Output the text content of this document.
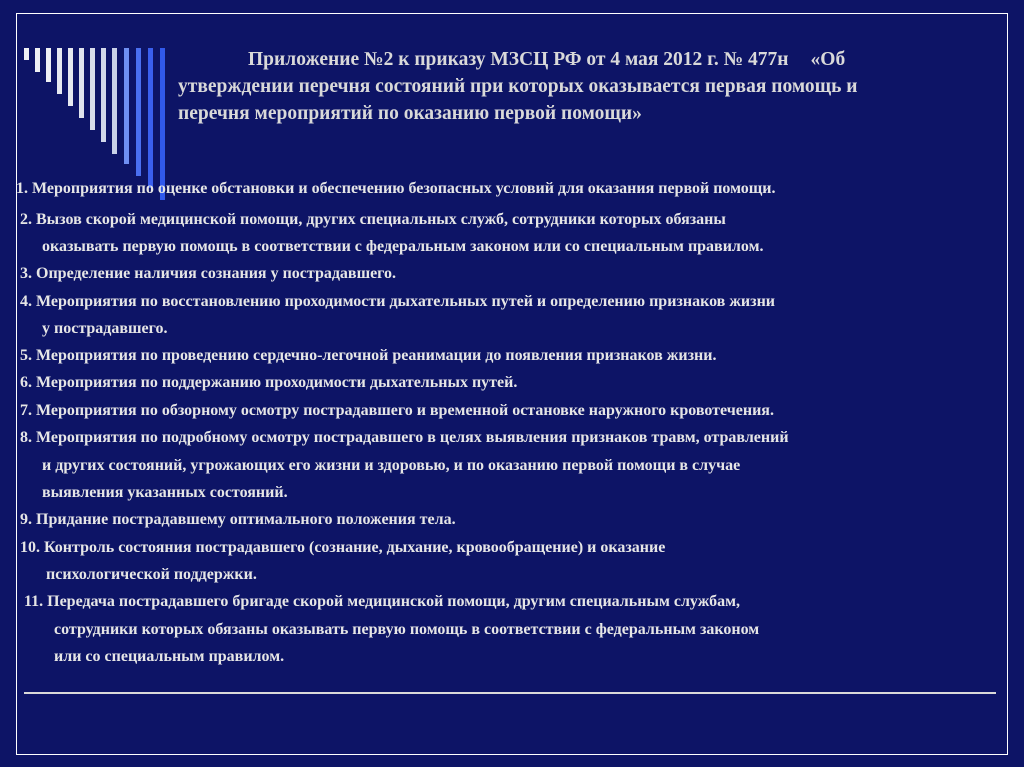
Приложение №2 к приказу МЗСЦ РФ от 4 мая 2012 г. № 477н «Об
утверждении перечня состояний при которых оказывается первая помощь и
перечня мероприятий по оказанию первой помощи»
1. Мероприятия по оценке обстановки и обеспечению безопасных условий для оказания первой помощи.
2. Вызов скорой медицинской помощи, других специальных служб, сотрудники которых обязаны
оказывать первую помощь в соответствии с федеральным законом или со специальным правилом.
3. Определение наличия сознания у пострадавшего.
4. Мероприятия по восстановлению проходимости дыхательных путей и определению признаков жизни
у пострадавшего.
5. Мероприятия по проведению сердечно-легочной реанимации до появления признаков жизни.
6. Мероприятия по поддержанию проходимости дыхательных путей.
7. Мероприятия по обзорному осмотру пострадавшего и временной остановке наружного кровотечения.
8. Мероприятия по подробному осмотру пострадавшего в целях выявления признаков травм, отравлений
и других состояний, угрожающих его жизни и здоровью, и по оказанию первой помощи в случае
выявления указанных состояний.
9. Придание пострадавшему оптимального положения тела.
10. Контроль состояния пострадавшего (сознание, дыхание, кровообращение) и оказание
психологической поддержки.
11. Передача пострадавшего бригаде скорой медицинской помощи, другим специальным службам,
сотрудники которых обязаны оказывать первую помощь в соответствии с федеральным законом
или со специальным правилом.
